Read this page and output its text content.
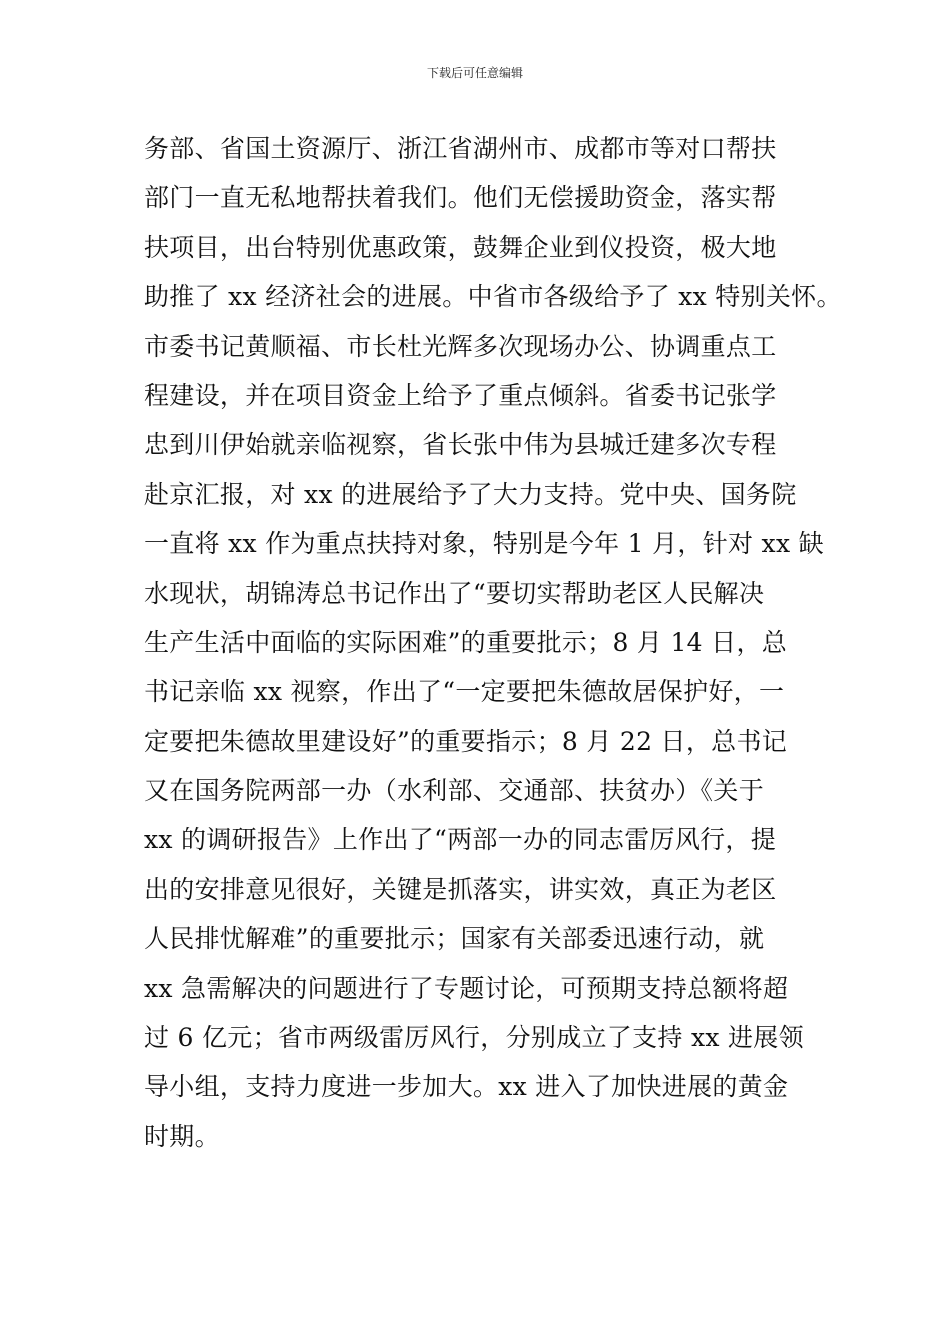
下载后可任意编辑
务部、省国土资源厅、浙江省湖州市、成都市等对口帮扶
部门一直无私地帮扶着我们。他们无偿援助资金，落实帮
扶项目，出台特别优惠政策，鼓舞企业到仪投资，极大地
助推了 xx 经济社会的进展。中省市各级给予了 xx 特别关怀。
市委书记黄顺福、市长杜光辉多次现场办公、协调重点工
程建设，并在项目资金上给予了重点倾斜。省委书记张学
忠到川伊始就亲临视察，省长张中伟为县城迁建多次专程
赴京汇报，对 xx 的进展给予了大力支持。党中央、国务院
一直将 xx 作为重点扶持对象，特别是今年 1 月，针对 xx 缺
水现状，胡锦涛总书记作出了“要切实帮助老区人民解决
生产生活中面临的实际困难”的重要批示；8 月 14 日，总
书记亲临 xx 视察，作出了“一定要把朱德故居保护好，一
定要把朱德故里建设好”的重要指示；8 月 22 日，总书记
又在国务院两部一办（水利部、交通部、扶贫办）《关于
xx 的调研报告》上作出了“两部一办的同志雷厉风行，提
出的安排意见很好，关键是抓落实，讲实效，真正为老区
人民排忧解难”的重要批示；国家有关部委迅速行动，就
xx 急需解决的问题进行了专题讨论，可预期支持总额将超
过 6 亿元；省市两级雷厉风行，分别成立了支持 xx 进展领
导小组，支持力度进一步加大。xx 进入了加快进展的黄金
时期。
